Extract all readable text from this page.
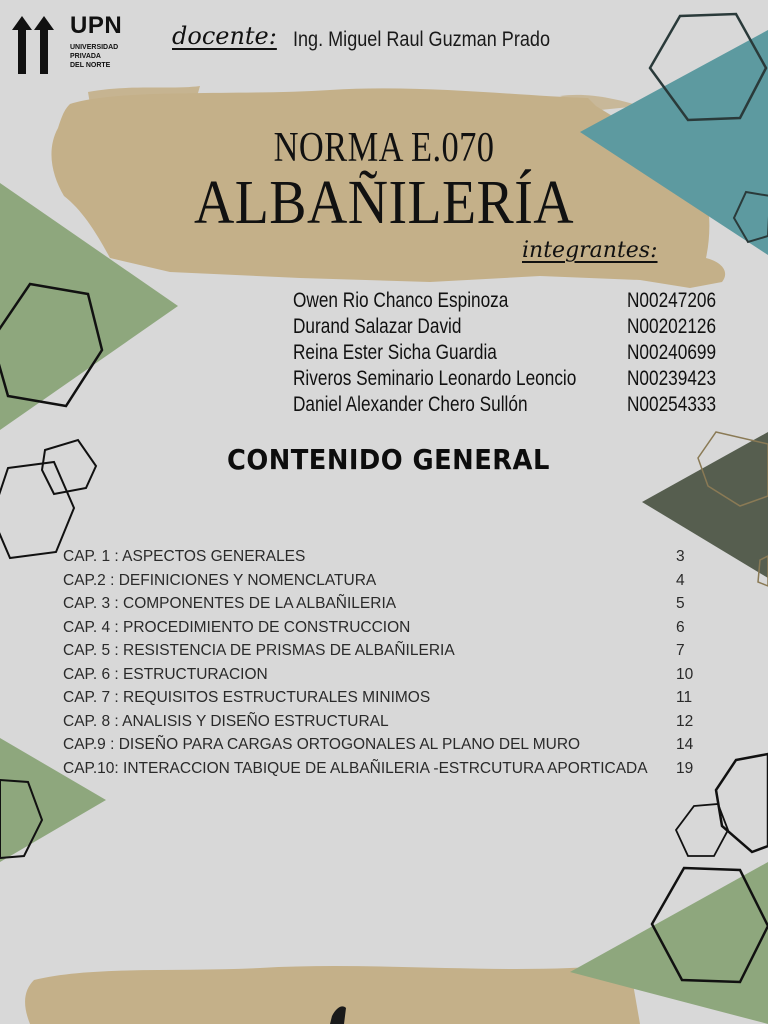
UPN
UNIVERSIDAD
PRIVADA
DEL NORTE
docente: Ing. Miguel Raul Guzman Prado
NORMA E.070
ALBAÑILERÍA
integrantes:
Owen Rio Chanco Espinoza	N00247206
Durand Salazar David	N00202126
Reina Ester Sicha Guardia	N00240699
Riveros Seminario Leonardo Leoncio N00239423
Daniel Alexander Chero Sullón	N00254333
CONTENIDO GENERAL
CAP. 1 : ASPECTOS GENERALES	3
CAP.2 : DEFINICIONES Y NOMENCLATURA	4
CAP. 3 : COMPONENTES DE LA ALBAÑILERIA	5
CAP. 4 : PROCEDIMIENTO DE CONSTRUCCION	6
CAP. 5 : RESISTENCIA DE PRISMAS DE ALBAÑILERIA	7
CAP. 6 : ESTRUCTURACION	10
CAP. 7 : REQUISITOS ESTRUCTURALES MINIMOS	11
CAP. 8 : ANALISIS Y DISEÑO ESTRUCTURAL	12
CAP.9 : DISEÑO PARA CARGAS ORTOGONALES AL PLANO DEL MURO	14
CAP.10: INTERACCION TABIQUE DE ALBAÑILERIA -ESTRCUTURA APORTICADA 19
